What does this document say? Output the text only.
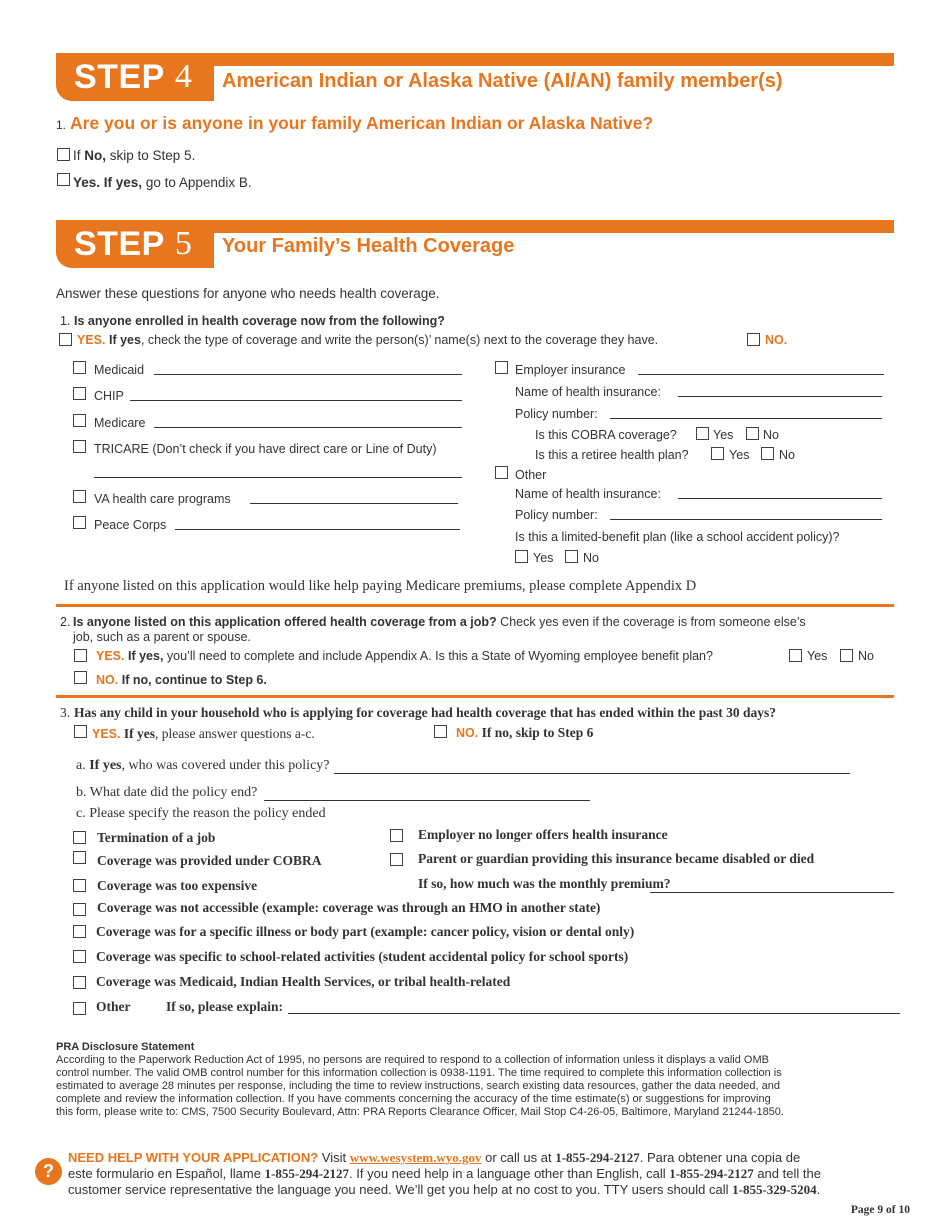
STEP 4 American Indian or Alaska Native (AI/AN) family member(s)
1. Are you or is anyone in your family American Indian or Alaska Native?
If No, skip to Step 5.
Yes. If yes, go to Appendix B.
STEP 5 Your Family’s Health Coverage
Answer these questions for anyone who needs health coverage.
1. Is anyone enrolled in health coverage now from the following?
YES. If yes, check the type of coverage and write the person(s)’ name(s) next to the coverage they have.	NO.
Medicaid
CHIP
Medicare
TRICARE (Don’t check if you have direct care or Line of Duty)
VA health care programs
Peace Corps
Employer insurance
Name of health insurance:
Policy number:
Is this COBRA coverage?	Yes No
Is this a retiree health plan?	Yes No
Other
Name of health insurance:
Policy number:
Is this a limited-benefit plan (like a school accident policy)?
Yes No
If anyone listed on this application would like help paying Medicare premiums, please complete Appendix D
2. Is anyone listed on this application offered health coverage from a job? Check yes even if the coverage is from someone else’s
job, such as a parent or spouse.
YES. If yes, you’ll need to complete and include Appendix A. Is this a State of Wyoming employee benefit plan?	Yes No
NO. If no, continue to Step 6.
3. Has any child in your household who is applying for coverage had health coverage that has ended within the past 30 days?
YES. If yes, please answer questions a-c.	NO. If no, skip to Step 6
a. If yes, who was covered under this policy?
b. What date did the policy end?
c. Please specify the reason the policy ended
Termination of a job
Coverage was provided under COBRA
Coverage was too expensive
Coverage was not accessible (example: coverage was through an HMO in another state)
Coverage was for a specific illness or body part (example: cancer policy, vision or dental only)
Coverage was specific to school-related activities (student accidental policy for school sports)
Coverage was Medicaid, Indian Health Services, or tribal health-related
Other	If so, please explain:
Employer no longer offers health insurance
Parent or guardian providing this insurance became disabled or died
If so, how much was the monthly premium?
PRA Disclosure Statement
According to the Paperwork Reduction Act of 1995, no persons are required to respond to a collection of information unless it displays a valid OMB
control number. The valid OMB control number for this information collection is 0938-1191. The time required to complete this information collection is
estimated to average 28 minutes per response, including the time to review instructions, search existing data resources, gather the data needed, and
complete and review the information collection. If you have comments concerning the accuracy of the time estimate(s) or suggestions for improving
this form, please write to: CMS, 7500 Security Boulevard, Attn: PRA Reports Clearance Officer, Mail Stop C4-26-05, Baltimore, Maryland 21244-1850.
?
NEED HELP WITH YOUR APPLICATION? Visit www.wesystem.wyo.gov or call us at 1-855-294-2127. Para obtener una copia de
este formulario en Español, llame 1-855-294-2127. If you need help in a language other than English, call 1-855-294-2127 and tell the
customer service representative the language you need. We’ll get you help at no cost to you. TTY users should call 1-855-329-5204.
Page 9 of 10
